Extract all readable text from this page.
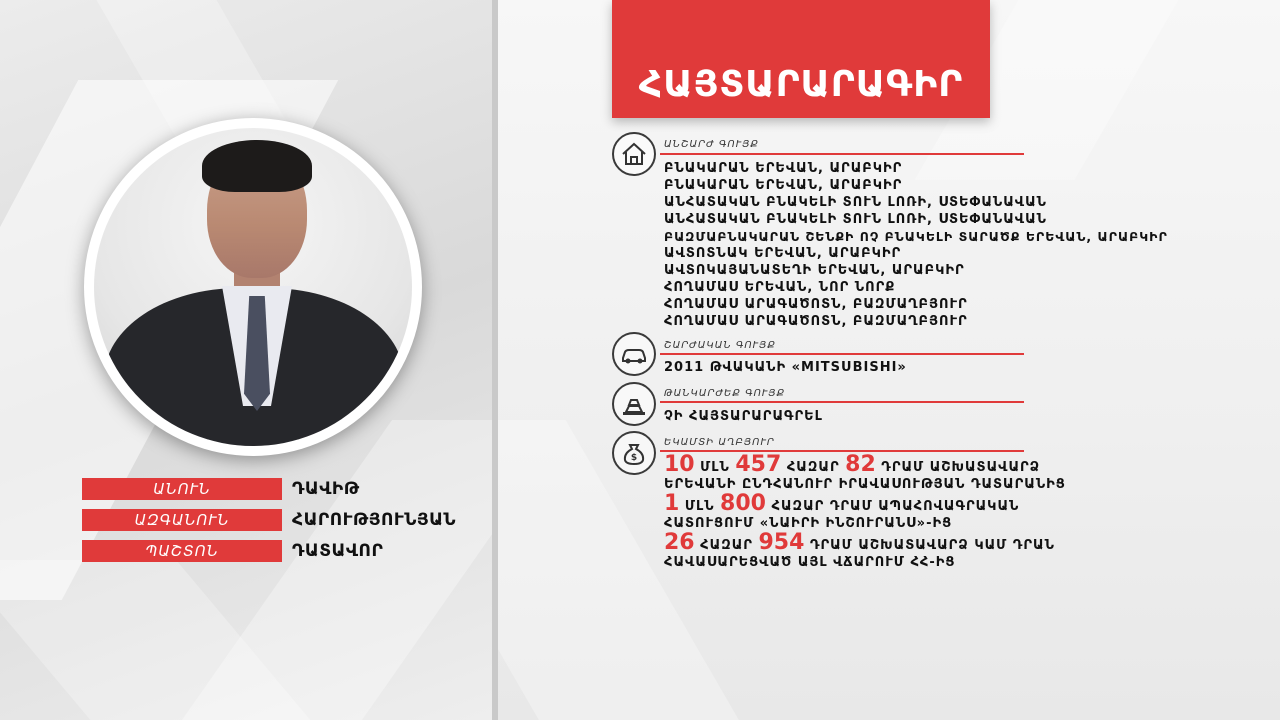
ԱՆՈՒՆ	ԴԱՎԻԹ
ԱԶԳԱՆՈՒՆ	ՀԱՐՈՒԹՅՈՒՆՅԱՆ
ՊԱՇՏՈՆ	ԴԱՏԱՎՈՐ
ՀԱՅՏԱՐԱՐԱԳԻՐ
ԱՆՇԱՐԺ ԳՈՒՅՔ
ԲՆԱԿԱՐԱՆ ԵՐԵՎԱՆ, ԱՐԱԲԿԻՐ
ԲՆԱԿԱՐԱՆ ԵՐԵՎԱՆ, ԱՐԱԲԿԻՐ
ԱՆՀԱՏԱԿԱՆ ԲՆԱԿԵԼԻ ՏՈՒՆ ԼՈՌԻ, ՍՏԵՓԱՆԱՎԱՆ
ԱՆՀԱՏԱԿԱՆ ԲՆԱԿԵԼԻ ՏՈՒՆ ԼՈՌԻ, ՍՏԵՓԱՆԱՎԱՆ
ԲԱԶՄԱԲՆԱԿԱՐԱՆ ՇԵՆՔԻ ՈՉ ԲՆԱԿԵԼԻ ՏԱՐԱԾՔ ԵՐԵՎԱՆ, ԱՐԱԲԿԻՐ
ԱՎՏՈՏՆԱԿ ԵՐԵՎԱՆ, ԱՐԱԲԿԻՐ
ԱՎՏՈԿԱՅԱՆԱՏԵՂԻ ԵՐԵՎԱՆ, ԱՐԱԲԿԻՐ
ՀՈՂԱՄԱՍ ԵՐԵՎԱՆ, ՆՈՐ ՆՈՐՔ
ՀՈՂԱՄԱՍ ԱՐԱԳԱԾՈՏՆ, ԲԱԶՄԱՂԲՅՈՒՐ
ՀՈՂԱՄԱՍ ԱՐԱԳԱԾՈՏՆ, ԲԱԶՄԱՂԲՅՈՒՐ
ՇԱՐԺԱԿԱՆ ԳՈՒՅՔ
2011 ԹՎԱԿԱՆԻ «MITSUBISHI»
ԹԱՆԿԱՐԺԵՔ ԳՈՒՅՔ
ՉԻ ՀԱՅՏԱՐԱՐԱԳՐԵԼ
$
ԵԿԱՄՏԻ ԱՂԲՅՈՒՐ
10 ՄԼՆ 457 ՀԱԶԱՐ 82 ԴՐԱՄ ԱՇԽԱՏԱՎԱՐՁ
ԵՐԵՎԱՆԻ ԸՆԴՀԱՆՈՒՐ ԻՐԱՎԱՍՈՒԹՅԱՆ ԴԱՏԱՐԱՆԻՑ
1 ՄԼՆ 800 ՀԱԶԱՐ ԴՐԱՄ ԱՊԱՀՈՎԱԳՐԱԿԱՆ
ՀԱՏՈՒՑՈՒՄ «ՆԱԻՐԻ ԻՆՇՈՒՐԱՆՍ»-ԻՑ
26 ՀԱԶԱՐ 954 ԴՐԱՄ ԱՇԽԱՏԱՎԱՐՁ ԿԱՄ ԴՐԱՆ
ՀԱՎԱՍԱՐԵՑՎԱԾ ԱՅԼ ՎՃԱՐՈՒՄ ՀՀ-ԻՑ
